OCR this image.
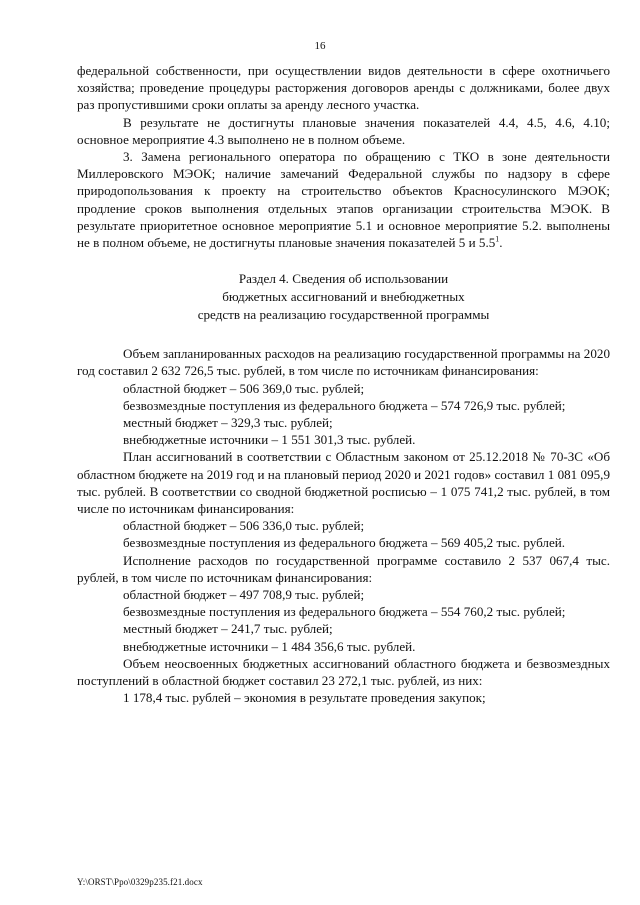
16

федеральной собственности, при осуществлении видов деятельности в сфере охотничьего хозяйства; проведение процедуры расторжения договоров аренды с должниками, более двух раз пропустившими сроки оплаты за аренду лесного участка.

В результате не достигнуты плановые значения показателей 4.4, 4.5, 4.6, 4.10; основное мероприятие 4.3 выполнено не в полном объеме.

3. Замена регионального оператора по обращению с ТКО в зоне деятельности Миллеровского МЭОК; наличие замечаний Федеральной службы по надзору в сфере природопользования к проекту на строительство объектов Красносулинского МЭОК; продление сроков выполнения отдельных этапов организации строительства МЭОК. В результате приоритетное основное мероприятие 5.1 и основное мероприятие 5.2. выполнены не в полном объеме, не достигнуты плановые значения показателей 5 и $5.5^1$.

Раздел 4. Сведения об использовании
бюджетных ассигнований и внебюджетных
средств на реализацию государственной программы

Объем запланированных расходов на реализацию государственной программы на 2020 год составил 2 632 726,5 тыс. рублей, в том числе по источникам финансирования:

областной бюджет – 506 369,0 тыс. рублей;

безвозмездные поступления из федерального бюджета – 574 726,9 тыс. рублей;

местный бюджет – 329,3 тыс. рублей;

внебюджетные источники – 1 551 301,3 тыс. рублей.

План ассигнований в соответствии с Областным законом от 25.12.2018 № 70-ЗС «Об областном бюджете на 2019 год и на плановый период 2020 и 2021 годов» составил 1 081 095,9 тыс. рублей. В соответствии со сводной бюджетной росписью – 1 075 741,2 тыс. рублей, в том числе по источникам финансирования:

областной бюджет – 506 336,0 тыс. рублей;

безвозмездные поступления из федерального бюджета – 569 405,2 тыс. рублей.

Исполнение расходов по государственной программе составило 2 537 067,4 тыс. рублей, в том числе по источникам финансирования:

областной бюджет – 497 708,9 тыс. рублей;

безвозмездные поступления из федерального бюджета – 554 760,2 тыс. рублей;

местный бюджет – 241,7 тыс. рублей;

внебюджетные источники – 1 484 356,6 тыс. рублей.

Объем неосвоенных бюджетных ассигнований областного бюджета и безвозмездных поступлений в областной бюджет составил 23 272,1 тыс. рублей, из них:

1 178,4 тыс. рублей – экономия в результате проведения закупок;

Y:\ORST\Ppo\0329p235.f21.docx
